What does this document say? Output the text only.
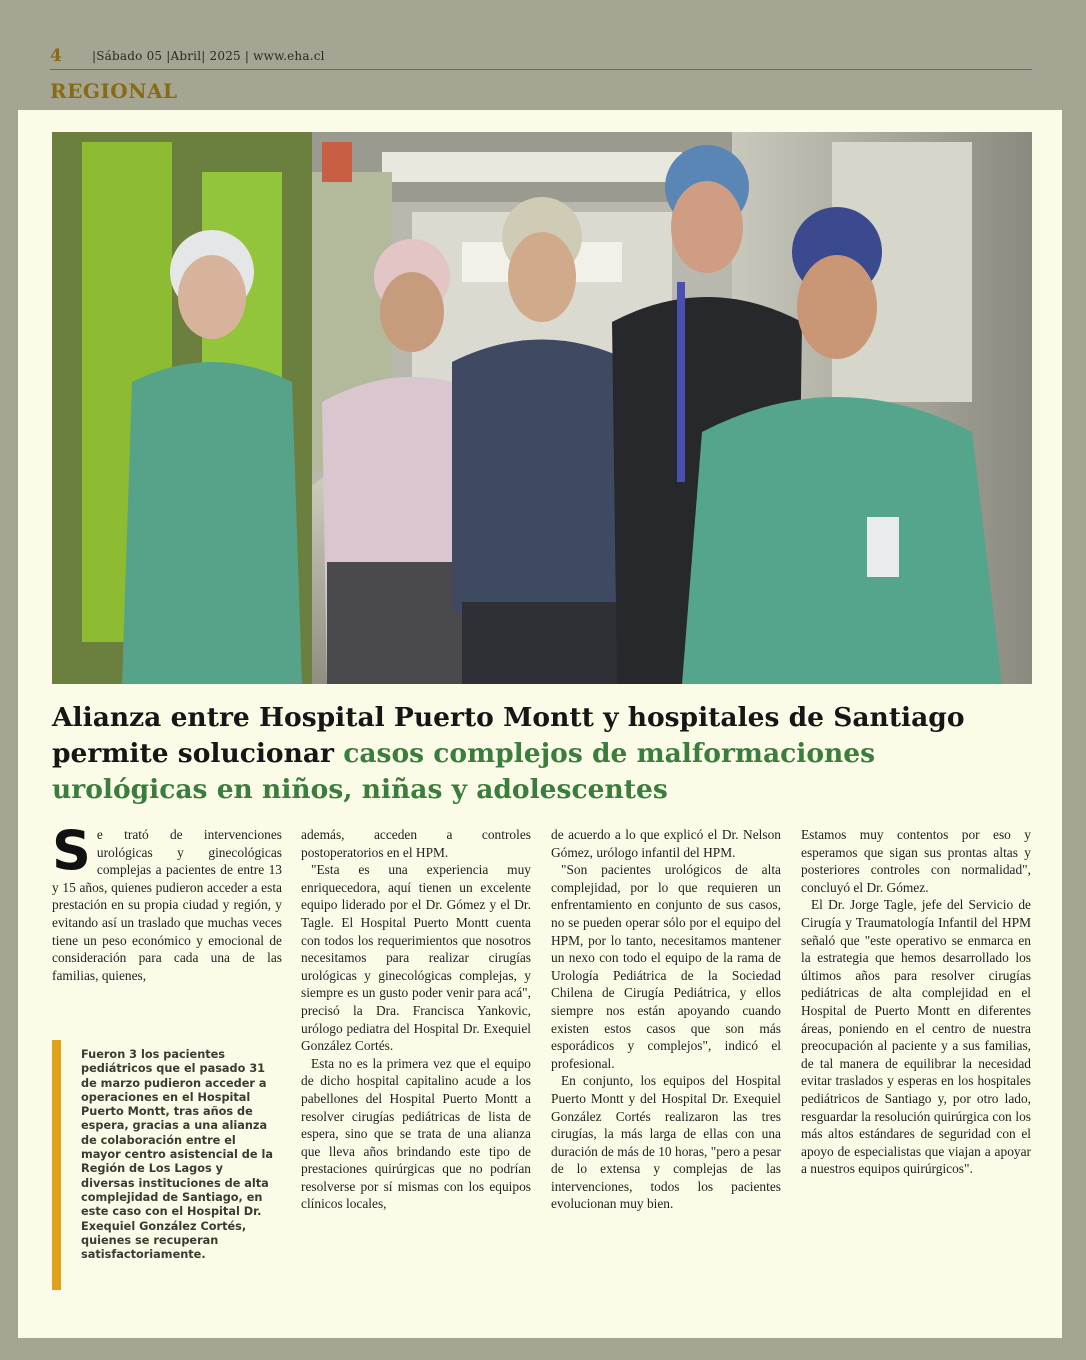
4	|Sábado 05 |Abril| 2025 | www.eha.cl
REGIONAL
Alianza entre Hospital Puerto Montt y hospitales de Santiago permite solucionar casos complejos de malformaciones urológicas en niños, niñas y adolescentes

Se trató de intervenciones urológicas y ginecológicas complejas a pacientes de entre 13 y 15 años, quienes pudieron acceder a esta prestación en su propia ciudad y región, y evitando así un traslado que muchas veces tiene un peso económico y emocional de consideración para cada una de las familias, quienes,

además, acceden a controles postoperatorios en el HPM.

"Esta es una experiencia muy enriquecedora, aquí tienen un excelente equipo liderado por el Dr. Gómez y el Dr. Tagle. El Hospital Puerto Montt cuenta con todos los requerimientos que nosotros necesitamos para realizar cirugías urológicas y ginecológicas complejas, y siempre es un gusto poder venir para acá", precisó la Dra. Francisca Yankovic, urólogo pediatra del Hospital Dr. Exequiel González Cortés.

Esta no es la primera vez que el equipo de dicho hospital capitalino acude a los pabellones del Hospital Puerto Montt a resolver cirugías pediátricas de lista de espera, sino que se trata de una alianza que lleva años brindando este tipo de prestaciones quirúrgicas que no podrían resolverse por sí mismas con los equipos clínicos locales,

de acuerdo a lo que explicó el Dr. Nelson Gómez, urólogo infantil del HPM.

"Son pacientes urológicos de alta complejidad, por lo que requieren un enfrentamiento en conjunto de sus casos, no se pueden operar sólo por el equipo del HPM, por lo tanto, necesitamos mantener un nexo con todo el equipo de la rama de Urología Pediátrica de la Sociedad Chilena de Cirugía Pediátrica, y ellos siempre nos están apoyando cuando existen estos casos que son más esporádicos y complejos", indicó el profesional.

En conjunto, los equipos del Hospital Puerto Montt y del Hospital Dr. Exequiel González Cortés realizaron las tres cirugías, la más larga de ellas con una duración de más de 10 horas, "pero a pesar de lo extensa y complejas de las intervenciones, todos los pacientes evolucionan muy bien.

Estamos muy contentos por eso y esperamos que sigan sus prontas altas y posteriores controles con normalidad", concluyó el Dr. Gómez.

El Dr. Jorge Tagle, jefe del Servicio de Cirugía y Traumatología Infantil del HPM señaló que "este operativo se enmarca en la estrategia que hemos desarrollado los últimos años para resolver cirugías pediátricas de alta complejidad en el Hospital de Puerto Montt en diferentes áreas, poniendo en el centro de nuestra preocupación al paciente y a sus familias, de tal manera de equilibrar la necesidad evitar traslados y esperas en los hospitales pediátricos de Santiago y, por otro lado, resguardar la resolución quirúrgica con los más altos estándares de seguridad con el apoyo de especialistas que viajan a apoyar a nuestros equipos quirúrgicos".

Fueron 3 los pacientes pediátricos que el pasado 31 de marzo pudieron acceder a operaciones en el Hospital Puerto Montt, tras años de espera, gracias a una alianza de colaboración entre el mayor centro asistencial de la Región de Los Lagos y diversas instituciones de alta complejidad de Santiago, en este caso con el Hospital Dr. Exequiel González Cortés, quienes se recuperan satisfactoriamente.
